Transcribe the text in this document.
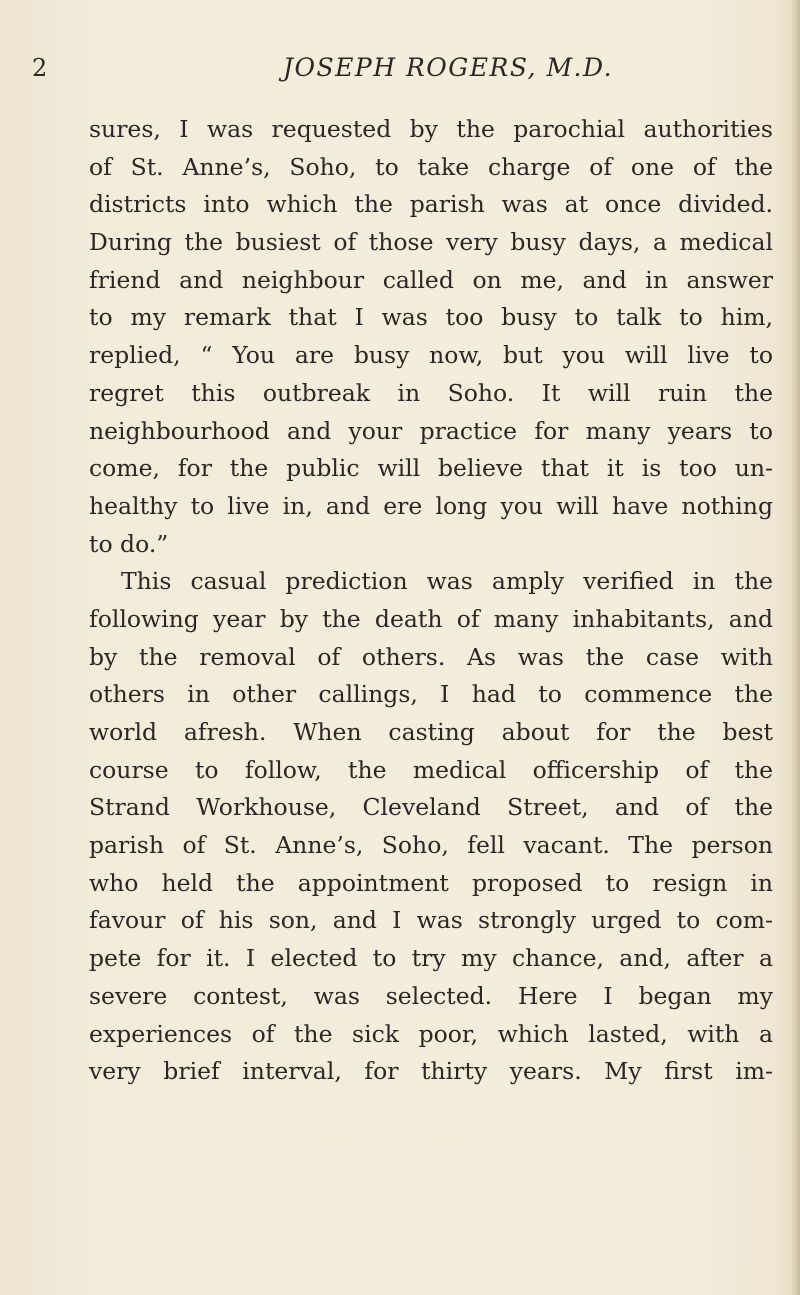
2	JOSEPH ROGERS, M.D.
sures, I was requested by the parochial authorities
of St. Anne’s, Soho, to take charge of one of the
districts into which the parish was at once divided.
During the busiest of those very busy days, a medical
friend and neighbour called on me, and in answer
to my remark that I was too busy to talk to him,
replied, “ You are busy now, but you will live to
regret this outbreak in Soho. It will ruin the
neighbourhood and your practice for many years to
come, for the public will believe that it is too un-
healthy to live in, and ere long you will have nothing
to do.”
This casual prediction was amply verified in the
following year by the death of many inhabitants, and
by the removal of others. As was the case with
others in other callings, I had to commence the
world afresh. When casting about for the best
course to follow, the medical officership of the
Strand Workhouse, Cleveland Street, and of the
parish of St. Anne’s, Soho, fell vacant. The person
who held the appointment proposed to resign in
favour of his son, and I was strongly urged to com-
pete for it. I elected to try my chance, and, after a
severe contest, was selected. Here I began my
experiences of the sick poor, which lasted, with a
very brief interval, for thirty years. My first im-
